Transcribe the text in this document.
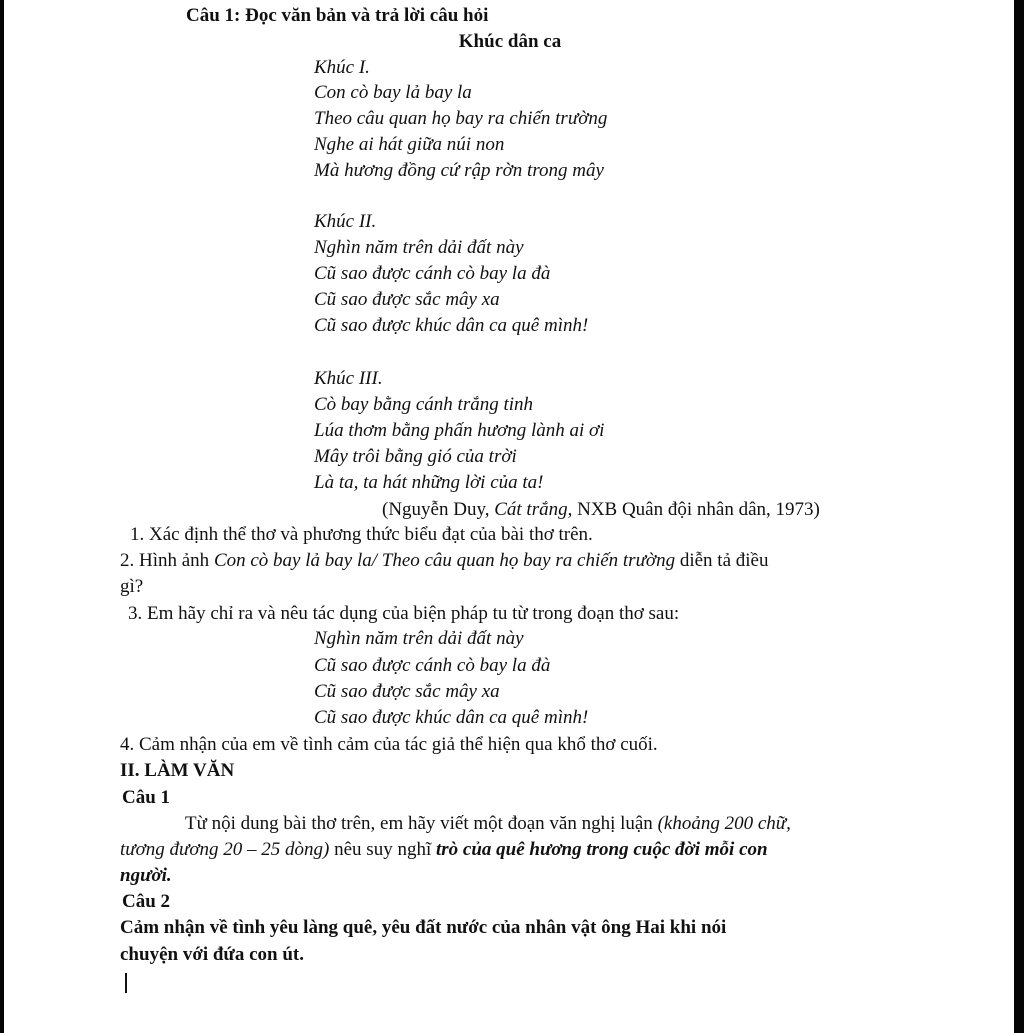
Câu 1: Đọc văn bản và trả lời câu hỏi
Khúc dân ca
Khúc I.
Con cò bay lả bay la
Theo câu quan họ bay ra chiến trường
Nghe ai hát giữa núi non
Mà hương đồng cứ rập rờn trong mây
Khúc II.
Nghìn năm trên dải đất này
Cũ sao được cánh cò bay la đà
Cũ sao được sắc mây xa
Cũ sao được khúc dân ca quê mình!
Khúc III.
Cò bay bằng cánh trắng tinh
Lúa thơm bằng phấn hương lành ai ơi
Mây trôi bằng gió của trời
Là ta, ta hát những lời của ta!
(Nguyễn Duy, Cát trắng, NXB Quân đội nhân dân, 1973)
1. Xác định thể thơ và phương thức biểu đạt của bài thơ trên.
2. Hình ảnh Con cò bay lả bay la/ Theo câu quan họ bay ra chiến trường diễn tả điều
gì?
3. Em hãy chỉ ra và nêu tác dụng của biện pháp tu từ trong đoạn thơ sau:
Nghìn năm trên dải đất này
Cũ sao được cánh cò bay la đà
Cũ sao được sắc mây xa
Cũ sao được khúc dân ca quê mình!
4. Cảm nhận của em về tình cảm của tác giả thể hiện qua khổ thơ cuối.
II. LÀM VĂN
Câu 1
Từ nội dung bài thơ trên, em hãy viết một đoạn văn nghị luận (khoảng 200 chữ,
tương đương 20 – 25 dòng) nêu suy nghĩ trò của quê hương trong cuộc đời mỗi con
người.
Câu 2
Cảm nhận về tình yêu làng quê, yêu đất nước của nhân vật ông Hai khi nói
chuyện với đứa con út.
